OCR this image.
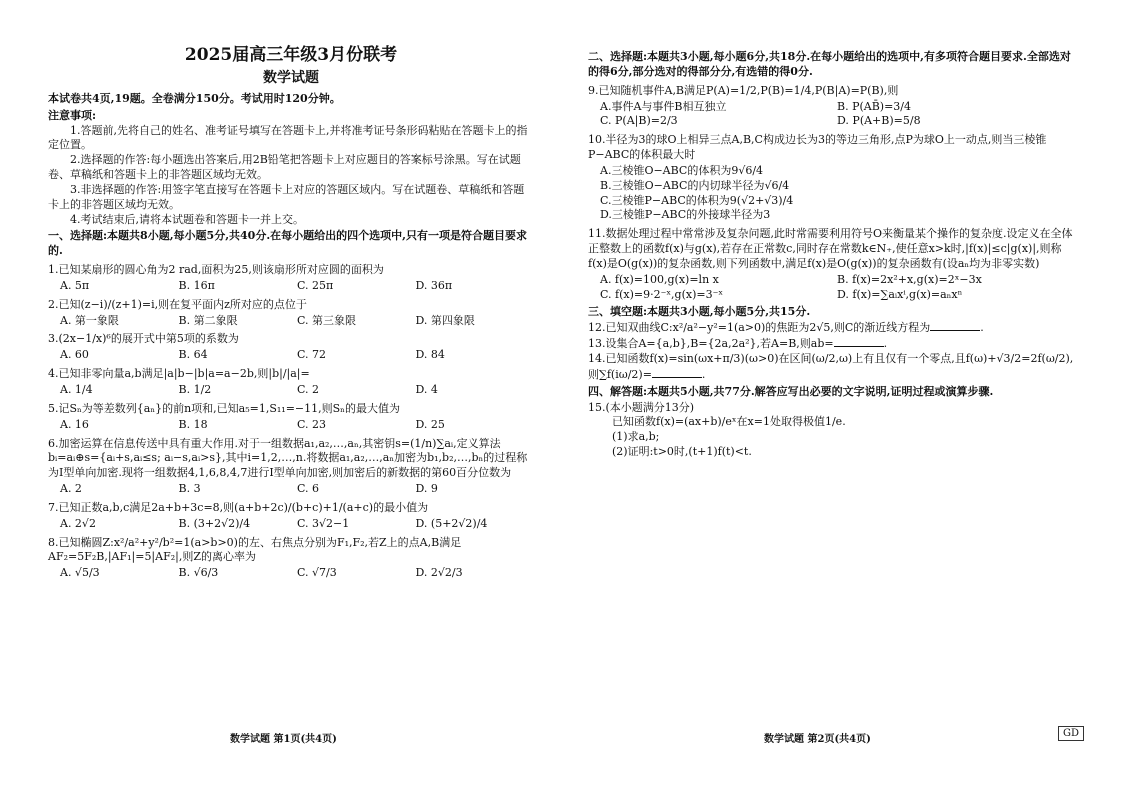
2025届高三年级3月份联考

数学试题

本试卷共4页,19题。全卷满分150分。考试用时120分钟。

注意事项:

1.答题前,先将自己的姓名、准考证号填写在答题卡上,并将准考证号条形码粘贴在答题卡上的指定位置。

2.选择题的作答:每小题选出答案后,用2B铅笔把答题卡上对应题目的答案标号涂黑。写在试题卷、草稿纸和答题卡上的非答题区域均无效。

3.非选择题的作答:用签字笔直接写在答题卡上对应的答题区域内。写在试题卷、草稿纸和答题卡上的非答题区域均无效。

4.考试结束后,请将本试题卷和答题卡一并上交。

一、选择题:本题共8小题,每小题5分,共40分.在每小题给出的四个选项中,只有一项是符合题目要求的.

1.已知某扇形的圆心角为2 rad,面积为25,则该扇形所对应圆的面积为

A. 5π	B. 16π	C. 25π	D. 36π

2.已知(z−i)/(z+1)=i,则在复平面内z所对应的点位于

A. 第一象限	B. 第二象限	C. 第三象限	D. 第四象限

3.(2x−1/x)⁶的展开式中第5项的系数为

A. 60	B. 64	C. 72	D. 84

4.已知非零向量a,b满足|a|b−|b|a=a−2b,则|b|/|a|=

A. 1/4	B. 1/2	C. 2	D. 4

5.记Sₙ为等差数列{aₙ}的前n项和,已知a₅=1,S₁₁=−11,则Sₙ的最大值为

A. 16	B. 18	C. 23	D. 25

6.加密运算在信息传送中具有重大作用.对于一组数据a₁,a₂,…,aₙ,其密钥s=(1/n)∑aᵢ,定义算法bᵢ=aᵢ⊕s={aᵢ+s,aᵢ≤s; aᵢ−s,aᵢ>s},其中i=1,2,…,n.将数据a₁,a₂,…,aₙ加密为b₁,b₂,…,bₙ的过程称为I型单向加密.现将一组数据4,1,6,8,4,7进行I型单向加密,则加密后的新数据的第60百分位数为

A. 2	B. 3	C. 6	D. 9

7.已知正数a,b,c满足2a+b+3c=8,则(a+b+2c)/(b+c)+1/(a+c)的最小值为

A. 2√2	B. (3+2√2)/4	C. 3√2−1	D. (5+2√2)/4

8.已知椭圆Z:x²/a²+y²/b²=1(a>b>0)的左、右焦点分别为F₁,F₂,若Z上的点A,B满足AF₂=5F₂B,|AF₁|=5|AF₂|,则Z的离心率为

A. √5/3	B. √6/3	C. √7/3	D. 2√2/3

二、选择题:本题共3小题,每小题6分,共18分.在每小题给出的选项中,有多项符合题目要求.全部选对的得6分,部分选对的得部分分,有选错的得0分.

9.已知随机事件A,B满足P(A)=1/2,P(B)=1/4,P(B|A)=P(B),则

A.事件A与事件B相互独立	B. P(AB̄)=3/4
C. P(A|B)=2/3	D. P(A+B)=5/8

10.半径为3的球O上相异三点A,B,C构成边长为3的等边三角形,点P为球O上一动点,则当三棱锥P−ABC的体积最大时

A.三棱锥O−ABC的体积为9√6/4
B.三棱锥O−ABC的内切球半径为√6/4
C.三棱锥P−ABC的体积为9(√2+√3)/4
D.三棱锥P−ABC的外接球半径为3

11.数据处理过程中常常涉及复杂问题,此时常需要利用符号O来衡量某个操作的复杂度.设定义在全体正整数上的函数f(x)与g(x),若存在正常数c,同时存在常数k∈N₊,使任意x>k时,|f(x)|≤c|g(x)|,则称f(x)是O(g(x))的复杂函数,则下列函数中,满足f(x)是O(g(x))的复杂函数有(设aₙ均为非零实数)

A. f(x)=100,g(x)=ln x	B. f(x)=2x²+x,g(x)=2ˣ−3x
C. f(x)=9·2⁻ˣ,g(x)=3⁻ˣ	D. f(x)=∑aᵢxⁱ,g(x)=aₙxⁿ

三、填空题:本题共3小题,每小题5分,共15分.

12.已知双曲线C:x²/a²−y²=1(a>0)的焦距为2√5,则C的渐近线方程为	.

13.设集合A={a,b},B={2a,2a²},若A=B,则ab=	.

14.已知函数f(x)=sin(ωx+π/3)(ω>0)在区间(ω/2,ω)上有且仅有一个零点,且f(ω)+√3/2=2f(ω/2),则∑f(iω/2)=	.

四、解答题:本题共5小题,共77分.解答应写出必要的文字说明,证明过程或演算步骤.

15.(本小题满分13分)

已知函数f(x)=(ax+b)/eˣ在x=1处取得极值1/e.

(1)求a,b;

(2)证明:t>0时,(t+1)f(t)<t.

数学试题 第1页(共4页)	数学试题 第2页(共4页)
GD
